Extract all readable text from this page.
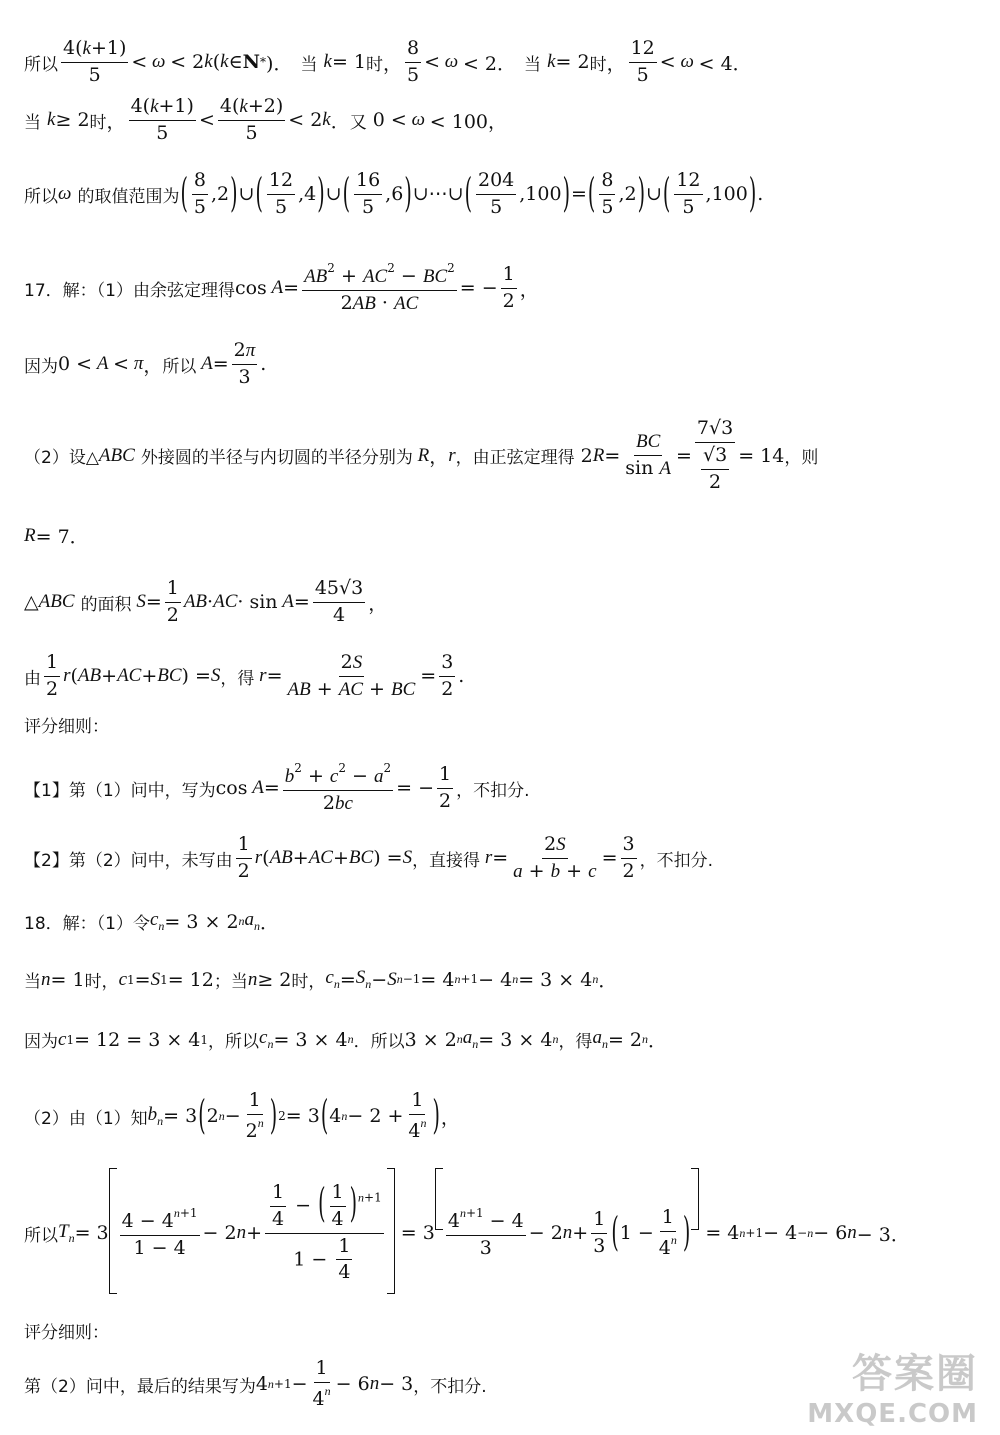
所以 $\frac{4(k+1)}{5} < \omega < 2$ k ( k ∈ N * )． 当
k = 1 时 ， $\frac{8}{5} < \omega < 2$． 当
k = 2 时 ， $\frac{12}{5} < \omega < 4$．
当
k ≥ 2 时 ， $\frac{4(k+1)}{5} < \frac{4(k+2)}{5} < 2$ k ． 又 0 < ω < 100，
所以 ω
的取值范围为 ( $\frac{8}{5} ,2$ ) ∪ ( $\frac{12}{5} ,4$ ) ∪ ( $\frac{16}{5} ,6$ ) ∪⋯∪ ( $\frac{204}{5} ,100$ ) = ( $\frac{8}{5} ,2$ ) ∪ ( $\frac{12}{5} ,100$ ) .
17．解：（1）由余弦定理得 $\cos A = \frac{AB^2 + AC^2 - BC^2}{2AB \cdot AC}$ = − $\frac{1}{2}$ ，
因为 0 < A < π ， 所以 $A = \frac{2\pi}{3}$ .
（2）设△ ABC
外接圆的半径与内切圆的半径分别为 R ， r ，由正弦定理得 2 $R = \frac{BC}{\text{sin A}} = \frac{7√3}{\frac{√3}{2}} = 14$ ，则
R = 7．
△ ABC
的面积 $S = \frac{1}{2}$ AB · AC · $\sin A = \frac{45√3}{4}$ ，
由 $\frac{1}{2}$ r ( AB + AC + BC ) = S ，得 $r = \frac{2S}{AB + AC + BC} = \frac{3}{2}$ .
评分细则：
【1】第（1）问中，写为 $\cos A = \frac{b^2 + c^2 - a^2}{2bc}$ = − $\frac{1}{2}$ ，不扣分.
【2】第（2）问中，未写由 $\frac{1}{2}$ r ( AB + AC + BC ) = S ，直接得 $r = \frac{2S}{a + b + c} = \frac{3}{2}$ ，不扣分.
18．解：（1）令 $c_n = 3 \times 2$ n $a_n$ ．
当 n = 1 时， c 1 = S 1 = 12 ；当 n ≥ 2 时， $c_n = S_n - S$ n−1 = 4 n+1 − 4 n = 3 × 4 n ．
因为 c 1 = 12 = 3 × 4 1 ，所以 $c_n = 3 \times 4$ n ．所以 3 × 2 n $a_n = 3 \times 4$ n ，得 $a_n = 2$ n ．
（2）由（1）知 $b_n = 3$ ( 2 $n - \frac{1}{2^n}$ ) 2 = 3 ( 4 $n - 2 + \frac{1}{4^n}$ ) ，
所以 $T_n = 3 \frac{4 - 4^{n+1}}{1 - 4} - 2$ $n + \frac{\frac{1}{4} - ( \frac{1}{4} )^{n+1}}{1 - \frac{1}{4}} = 3 \frac{4^{n+1} - 4}{3} - 2$ $n + \frac{1}{3}$ ( $1 - \frac{1}{4^n}$ ) = 4 $_{n+1}$ − 4 −n − 6 n − 3．
评分细则：
第（2）问中，最后的结果写为 4 $n+1 - \frac{1}{4^n} - 6$ n − 3 ，不扣分.	答案圈
MXQE.COM
